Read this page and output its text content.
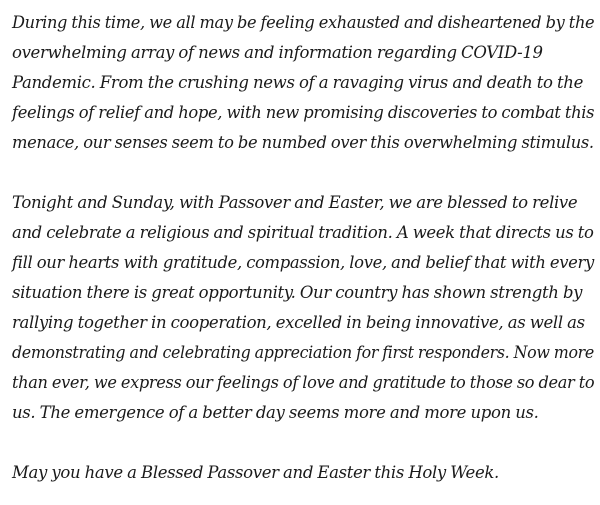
During this time, we all may be feeling exhausted and disheartened by the
overwhelming array of news and information regarding COVID-19
Pandemic. From the crushing news of a ravaging virus and death to the
feelings of relief and hope, with new promising discoveries to combat this
menace, our senses seem to be numbed over this overwhelming stimulus.
Tonight and Sunday, with Passover and Easter, we are blessed to relive
and celebrate a religious and spiritual tradition. A week that directs us to
fill our hearts with gratitude, compassion, love, and belief that with every
situation there is great opportunity. Our country has shown strength by
rallying together in cooperation, excelled in being innovative, as well as
demonstrating and celebrating appreciation for first responders. Now more
than ever, we express our feelings of love and gratitude to those so dear to
us. The emergence of a better day seems more and more upon us.
May you have a Blessed Passover and Easter this Holy Week.
